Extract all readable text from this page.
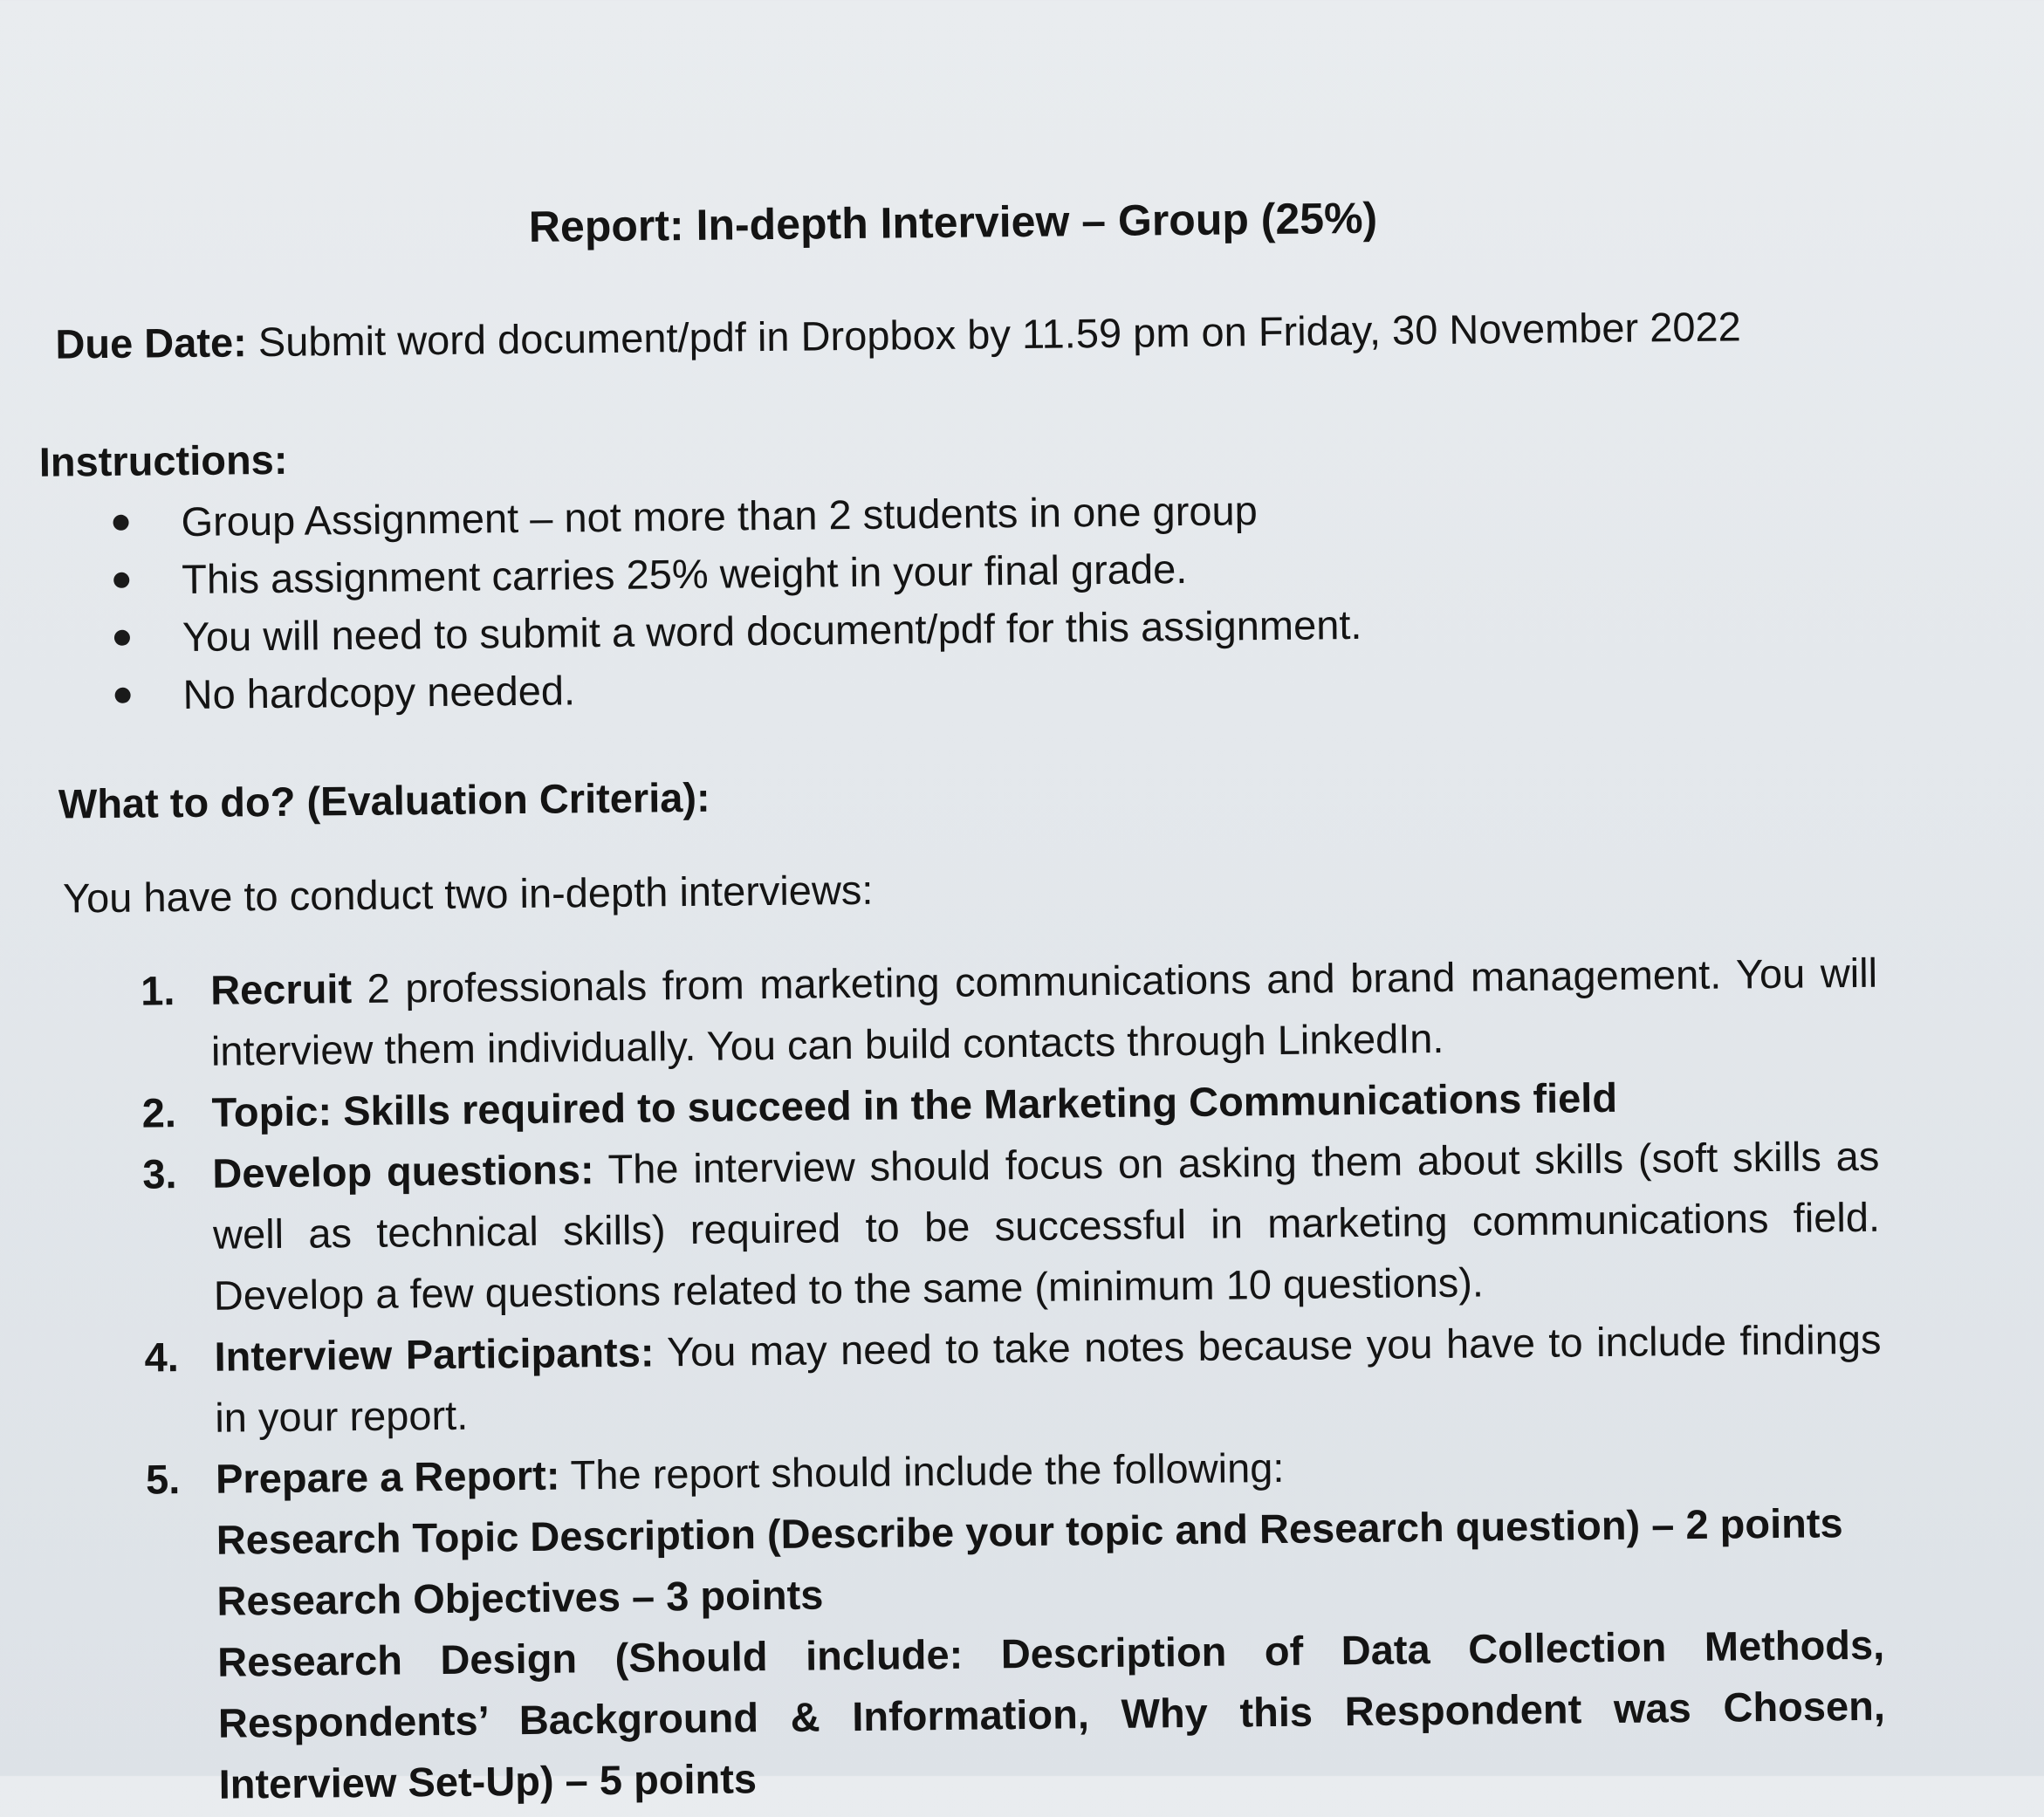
Report: In-depth Interview – Group (25%)
Due Date: Submit word document/pdf in Dropbox by 11.59 pm on Friday, 30 November 2022
Instructions:
Group Assignment – not more than 2 students in one group
This assignment carries 25% weight in your final grade.
You will need to submit a word document/pdf for this assignment.
No hardcopy needed.
What to do? (Evaluation Criteria):
You have to conduct two in-depth interviews:
1. Recruit 2 professionals from marketing communications and brand management. You will interview them individually. You can build contacts through LinkedIn.
2. Topic: Skills required to succeed in the Marketing Communications field
3. Develop questions: The interview should focus on asking them about skills (soft skills as well as technical skills) required to be successful in marketing communications field. Develop a few questions related to the same (minimum 10 questions).
4. Interview Participants: You may need to take notes because you have to include findings in your report.
5. Prepare a Report: The report should include the following:
Research Topic Description (Describe your topic and Research question) – 2 points
Research Objectives – 3 points
Research Design (Should include: Description of Data Collection Methods, Respondents’ Background & Information, Why this Respondent was Chosen, Interview Set-Up) – 5 points
